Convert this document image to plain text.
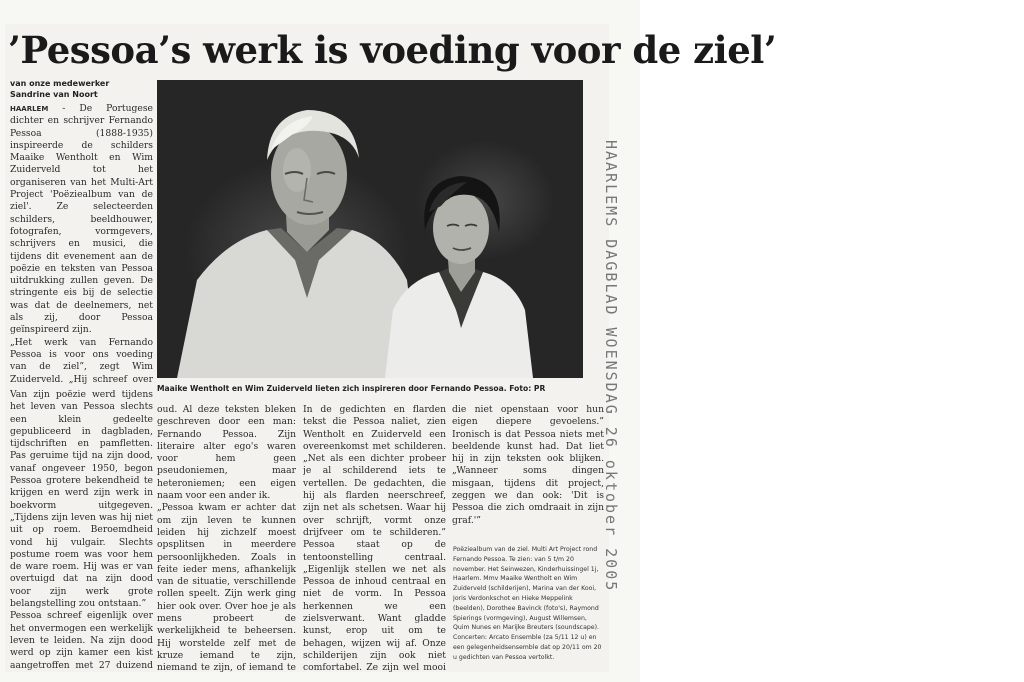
’Pessoa’s werk is voeding voor de ziel’
van onze medewerker
Sandrine van Noort

HAARLEM - De Portugese dichter en schrijver Fernando Pessoa (1888-1935) inspireerde de schilders Maaike Wentholt en Wim Zuiderveld tot het organiseren van het Multi-Art Project 'Poëziealbum van de ziel'. Ze selecteerden schilders, beeldhouwer, fotografen, vormgevers, schrijvers en musici, die tijdens dit evenement aan de poëzie en teksten van Pessoa uitdrukking zullen geven. De stringente eis bij de selectie was dat de deelnemers, net als zij, door Pessoa geïnspireerd zijn.

„Het werk van Fernando Pessoa is voor ons voeding van de ziel”, zegt Wim Zuiderveld. „Hij schreef over

Van zijn poëzie werd tijdens het leven van Pessoa slechts een klein gedeelte gepubliceerd in dagbladen, tijdschriften en pamfletten. Pas geruime tijd na zijn dood, vanaf ongeveer 1950, begon Pessoa grotere bekendheid te krijgen en werd zijn werk in boekvorm uitgegeven. „Tijdens zijn leven was hij niet uit op roem. Beroemdheid vond hij vulgair. Slechts postume roem was voor hem de ware roem. Hij was er van overtuigd dat na zijn dood voor zijn werk grote belangstelling zou ontstaan.”

Pessoa schreef eigenlijk over het onvermogen een werkelijk leven te leiden. Na zijn dood werd op zijn kamer een kist aangetroffen met 27 duizend

Maaike Wentholt en Wim Zuiderveld lieten zich inspireren door Fernando Pessoa. Foto: PR

oud. Al deze teksten bleken geschreven door een man: Fernando Pessoa. Zijn literaire alter ego's waren voor hem geen pseudoniemen, maar heteroniemen; een eigen naam voor een ander ik.

„Pessoa kwam er achter dat om zijn leven te kunnen leiden hij zichzelf moest opsplitsen in meerdere persoonlijkheden. Zoals in feite ieder mens, afhankelijk van de situatie, verschillende rollen speelt. Zijn werk ging hier ook over. Over hoe je als mens probeert de werkelijkheid te beheersen. Hij worstelde zelf met de kruze iemand te zijn, niemand te zijn, of iemand te

In de gedichten en flarden tekst die Pessoa naliet, zien Wentholt en Zuiderveld een overeenkomst met schilderen. „Net als een dichter probeer je al schilderend iets te vertellen. De gedachten, die hij als flarden neerschreef, zijn net als schetsen. Waar hij over schrijft, vormt onze drijfveer om te schilderen.” Pessoa staat op de tentoonstelling centraal. „Eigenlijk stellen we net als Pessoa de inhoud centraal en niet de vorm. In Pessoa herkennen we een zielsverwant. Want gladde kunst, erop uit om te behagen, wijzen wij af. Onze schilderijen zijn ook niet comfortabel. Ze zijn wel mooi

die niet openstaan voor hun eigen diepere gevoelens.” Ironisch is dat Pessoa niets met beeldende kunst had. Dat liet hij in zijn teksten ook blijken. „Wanneer soms dingen misgaan, tijdens dit project, zeggen we dan ook: 'Dit is Pessoa die zich omdraait in zijn graf.'”

Poëziealbum van de ziel. Multi Art Project rond Fernando Pessoa. Te zien: van 5 t/m 20 november. Het Seinwezen, Kinderhuissingel 1j, Haarlem. Mmv Maaike Wentholt en Wim Zuiderveld (schilderijen), Marina van der Kooi, Joris Verdonkschot en Hieke Meppelink (beelden), Dorothee Bavinck (foto's), Raymond Spierings (vormgeving), August Willemsen, Quim Nunes en Marijke Breuters (soundscape). Concerten: Arcato Ensemble (za 5/11 12 u) en een gelegenheidsensemble dat op 20/11 om 20 u gedichten van Pessoa vertolkt.
HAARLEMS DAGBLAD WOENSDAG 26 oktober 2005
